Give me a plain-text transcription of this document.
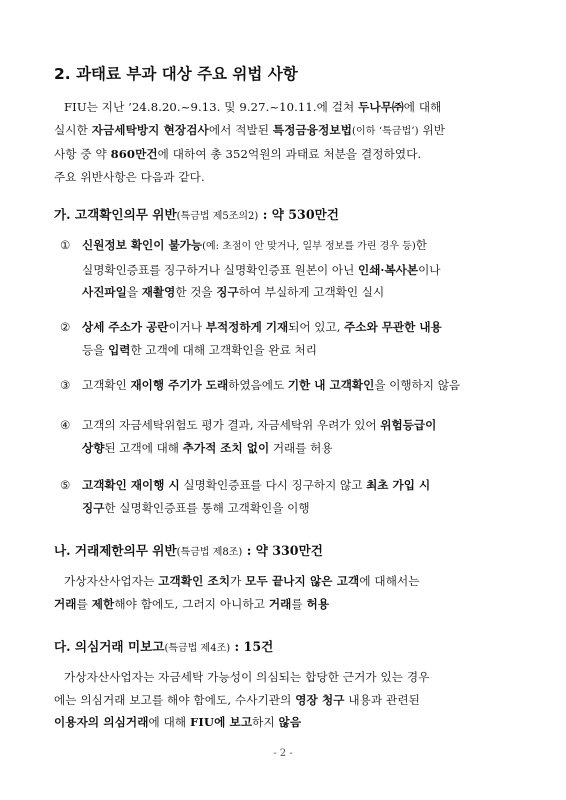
2. 과태료 부과 대상 주요 위법 사항
FIU는 지난 ’24.8.20.~9.13. 및 9.27.~10.11.에 걸쳐 두나무㈜에 대해
실시한 자금세탁방지 현장검사에서 적발된 특정금융정보법(이하 ‘특금법’) 위반
사항 중 약 860만건에 대하여 총 352억원의 과태료 처분을 결정하였다.
주요 위반사항은 다음과 같다.
가. 고객확인의무 위반(특금법 제5조의2) : 약 530만건
① 신원정보 확인이 불가능(예: 초점이 안 맞거나, 일부 정보를 가린 경우 등)한
실명확인증표를 징구하거나 실명확인증표 원본이 아닌 인쇄·복사본이나
사진파일을 재촬영한 것을 징구하여 부실하게 고객확인 실시
② 상세 주소가 공란이거나 부적정하게 기재되어 있고, 주소와 무관한 내용
등을 입력한 고객에 대해 고객확인을 완료 처리
③ 고객확인 재이행 주기가 도래하였음에도 기한 내 고객확인을 이행하지 않음
④ 고객의 자금세탁위험도 평가 결과, 자금세탁위 우려가 있어 위험등급이
상향된 고객에 대해 추가적 조치 없이 거래를 허용
⑤ 고객확인 재이행 시 실명확인증표를 다시 징구하지 않고 최초 가입 시
징구한 실명확인증표를 통해 고객확인을 이행
나. 거래제한의무 위반(특금법 제8조) : 약 330만건
가상자산사업자는 고객확인 조치가 모두 끝나지 않은 고객에 대해서는
거래를 제한해야 함에도, 그러지 아니하고 거래를 허용
다. 의심거래 미보고(특금법 제4조) : 15건
가상자산사업자는 자금세탁 가능성이 의심되는 합당한 근거가 있는 경우
에는 의심거래 보고를 해야 함에도, 수사기관의 영장 청구 내용과 관련된
이용자의 의심거래에 대해 FIU에 보고하지 않음
- 2 -
